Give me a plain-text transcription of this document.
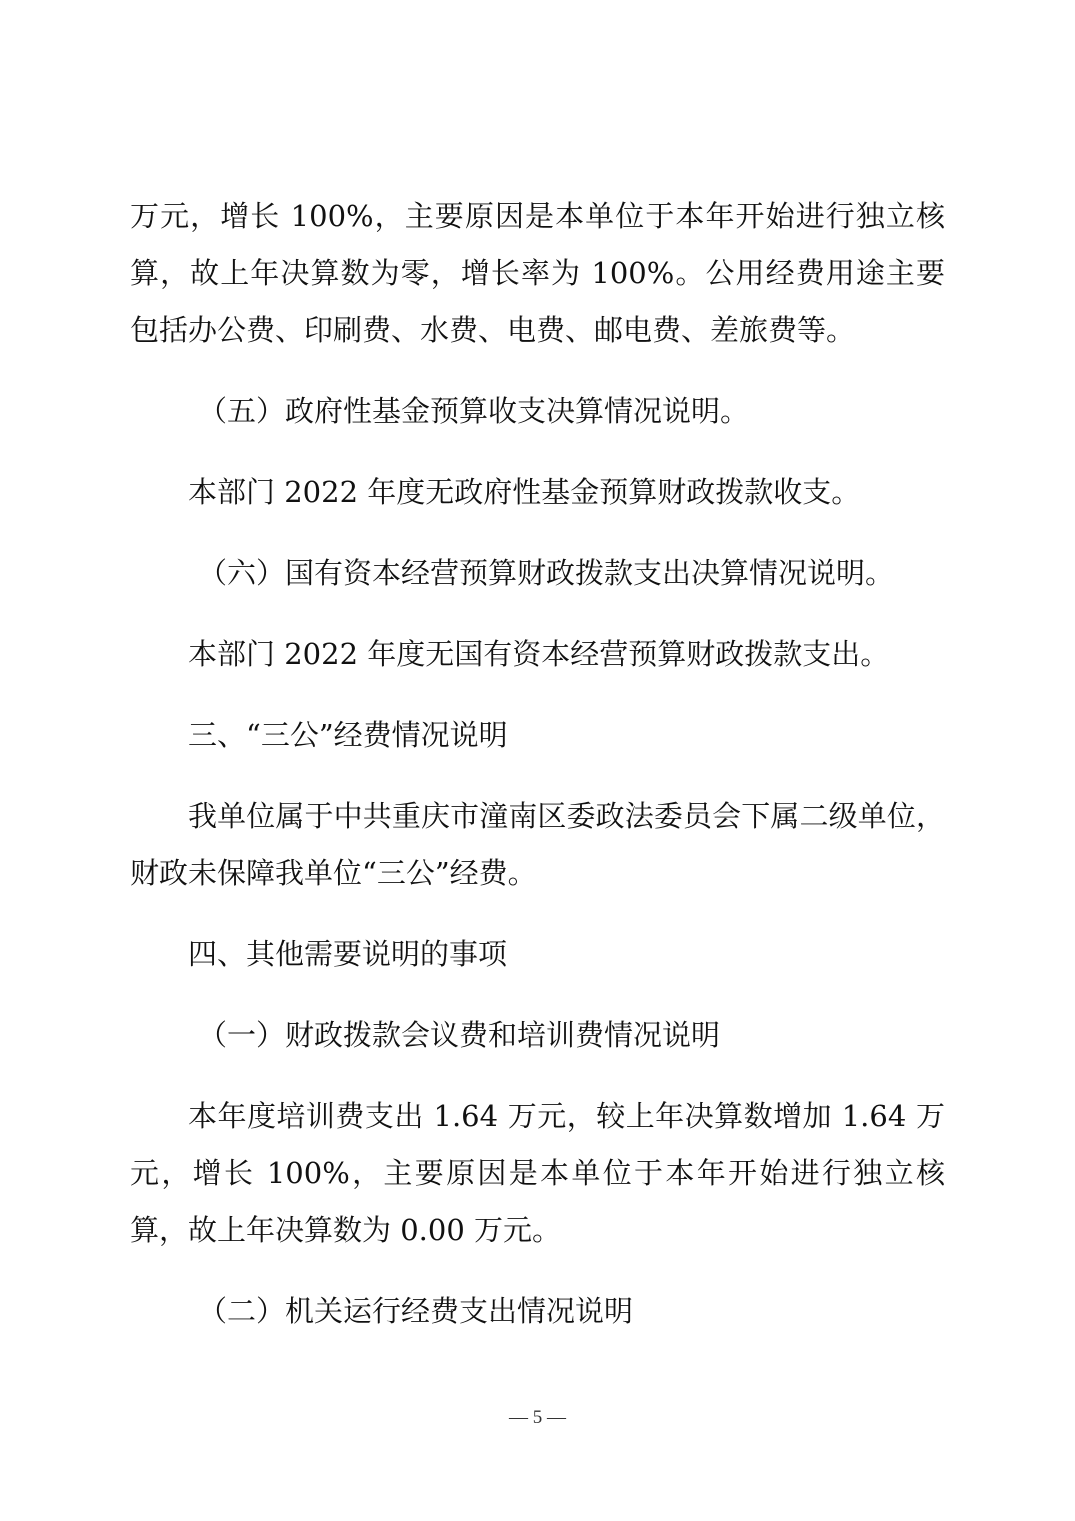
万元，增长 100%，主要原因是本单位于本年开始进行独立核算，故上年决算数为零，增长率为 100%。公用经费用途主要包括办公费、印刷费、水费、电费、邮电费、差旅费等。

（五）政府性基金预算收支决算情况说明。

本部门 2022 年度无政府性基金预算财政拨款收支。

（六）国有资本经营预算财政拨款支出决算情况说明。

本部门 2022 年度无国有资本经营预算财政拨款支出。

三、“三公”经费情况说明

我单位属于中共重庆市潼南区委政法委员会下属二级单位，财政未保障我单位“三公”经费。

四、其他需要说明的事项

（一）财政拨款会议费和培训费情况说明

本年度培训费支出 1.64 万元，较上年决算数增加 1.64 万元，增长 100%，主要原因是本单位于本年开始进行独立核算，故上年决算数为 0.00 万元。

（二）机关运行经费支出情况说明

— 5 —
